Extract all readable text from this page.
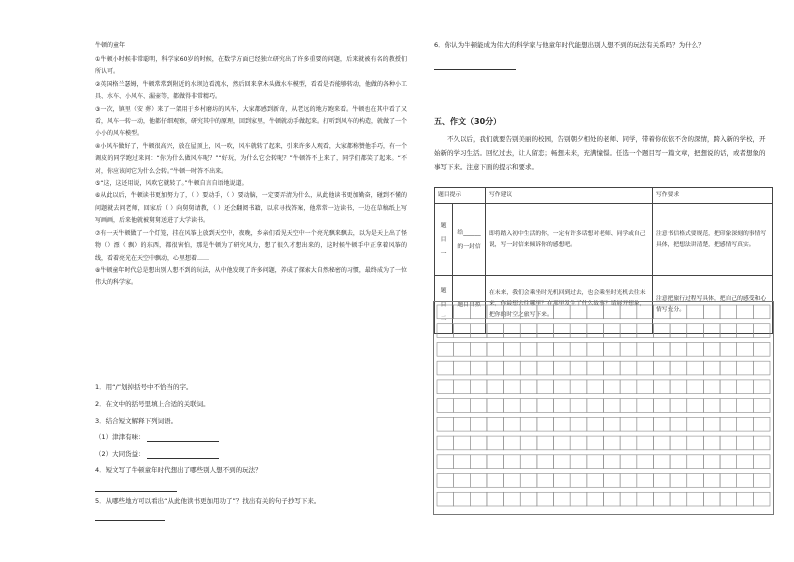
牛顿的童年

①牛顿小时候非常聪明，科学家60岁的时候，在数学方面已经独立研究出了许多重要的问题，后来就被有名的教授们所认可。

②英国格兰瑟姆，牛顿常常到附近的水坝边看流水，然后回来拿木头做水车模型，看看是否能够转动，他做的各种小工具、水车、小风车、漏壶等，都做得非常精巧。

③一次，镇里（安 葬）来了一架用于乡村磨坊的风车，大家都感到新奇，从老远的地方跑来看。牛顿也在其中看了又看，风车一转一动，他都仔细观察，研究其中的原理，回到家里，牛顿就动手做起来。打听到风车的构造，就做了一个小小的风车模型。

④小风车做好了，牛顿很高兴，放在屋顶上，风一吹，风车就转了起来，引来许多人观看，大家都称赞他手巧，有一个调皮的同学跑过来问：“你为什么做风车呢？”“好玩，为什么它会转呢？”牛顿答不上来了，同学们都笑了起来。“不对，你应该问它为什么会转。”牛顿一时答不出来。

⑤“这，这还用说，风吹它就转了。”牛顿自言自语地说道。

⑥从此以后，牛顿读书更加努力了，（ ）要动手，（ ）要动脑，一定要弄清为什么，从此他读书更加勤奋，碰到不懂的问题就去问老师，回家后（ ）向舅舅请教，（ ）还会翻阅书籍，以求寻找答案，他常常一边读书，一边在草稿纸上写写画画，后来他就被舅舅送进了大学读书。

⑦有一天牛顿做了一个灯笼，挂在风筝上放到天空中，夜晚，乡亲们看见天空中一个亮光飘来飘去，以为是天上出了怪物（）漂（ 飘）的东西，都很害怕，那是牛顿为了研究风力，想了很久才想出来的，这时候牛顿手中正拿着风筝的线，看着亮光在天空中飘动，心里想着……

⑧牛顿童年时代总是想出别人想不到的玩法，从中他发现了许多问题，养成了探索大自然秘密的习惯，最终成为了一位伟大的科学家。

1．用“/”划掉括号中不恰当的字。
2．在文中的括号里填上合适的关联词。
3．结合短文解释下列词语。
（1）津津有味：
（2）大同货益：
4．短文写了牛顿童年时代想出了哪些别人想不到的玩法？
5．从哪些地方可以看出“从此他读书更加用功了”？找出有关的句子抄写下来。
6．你认为牛顿能成为伟大的科学家与他童年时代能想出别人想不到的玩法有关系吗？为什么？
五、作文（30分）
不久以后，我们就要告别美丽的校园，告别朝夕相处的老师、同学，带着你依依不舍的深情，跨入新的学校，开始新的学习生活。回忆过去，让人留恋；畅想未来，充满憧憬。任选一个题目写一篇文章，把想说的话，或者想象的事写下来。注意下面的提示和要求。
题目提示		写作建议	写作要求
题目一	给______的一封信	即将踏入初中生活的你，一定有许多话想对老师、同学或自己说，写一封信来倾诉你的感想吧。	注意书信格式要规范，把印象深刻的事情写具体，把想法讲清楚，把感情写真实。
题目二	题目自拟	在未来，我们会乘坐时光机回到过去，也会乘坐时光机去往未来，你最想去往哪里？在那里发生了什么故事？请展开想象，把你的时空之旅写下来。	注意把旅行过程写具体，把自己的感受和心情写充分。
